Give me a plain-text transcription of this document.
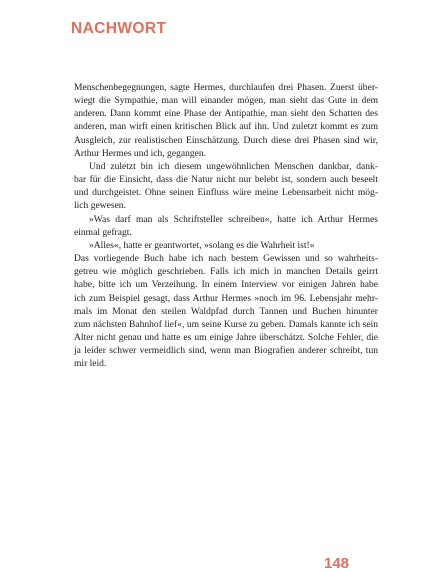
NACHWORT
Menschenbegegnungen, sagte Hermes, durchlaufen drei Phasen. Zuerst über-
wiegt die Sympathie, man will einander mögen, man sieht das Gute in dem
anderen. Dann kommt eine Phase der Antipathie, man sieht den Schatten des
anderen, man wirft einen kritischen Blick auf ihn. Und zuletzt kommt es zum
Ausgleich, zur realistischen Einschätzung. Durch diese drei Phasen sind wir,
Arthur Hermes und ich, gegangen.
Und zuletzt bin ich diesem ungewöhnlichen Menschen dankbar, dank-
bar für die Einsicht, dass die Natur nicht nur belebt ist, sondern auch beseelt
und durchgeistet. Ohne seinen Einfluss wäre meine Lebensarbeit nicht mög-
lich gewesen.
»Was darf man als Schriftsteller schreiben«, hatte ich Arthur Hermes
einmal gefragt.
»Alles«, hatte er geantwortet, »solang es die Wahrheit ist!«
Das vorliegende Buch habe ich nach bestem Gewissen und so wahrheits-
getreu wie möglich geschrieben. Falls ich mich in manchen Details geirrt
habe, bitte ich um Verzeihung. In einem Interview vor einigen Jahren habe
ich zum Beispiel gesagt, dass Arthur Hermes »noch im 96. Lebensjahr mehr-
mals im Monat den steilen Waldpfad durch Tannen und Buchen hinunter
zum nächsten Bahnhof lief«, um seine Kurse zu geben. Damals kannte ich sein
Alter nicht genau und hatte es um einige Jahre überschätzt. Solche Fehler, die
ja leider schwer vermeidlich sind, wenn man Biografien anderer schreibt, tun
mir leid.
148
